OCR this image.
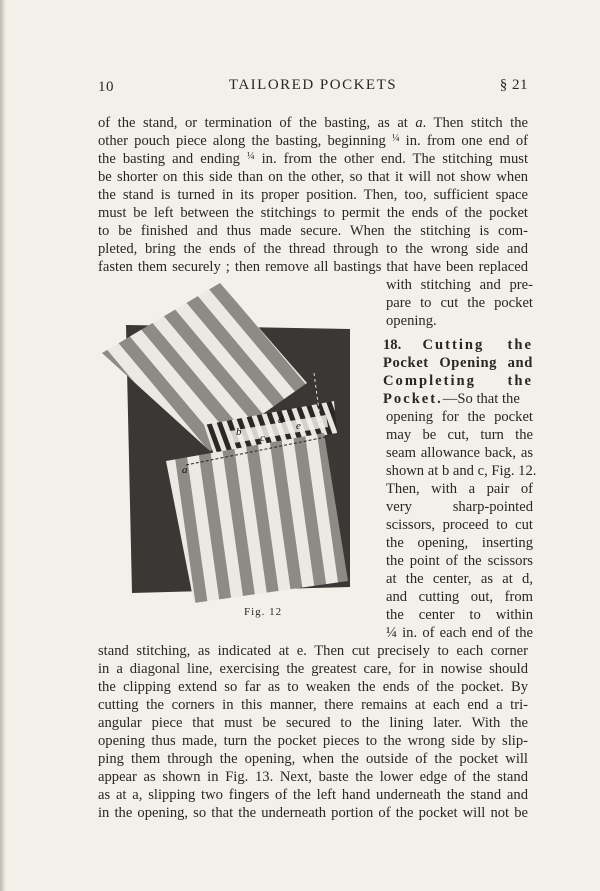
10	TAILORED POCKETS	§ 21
of the stand, or termination of the basting, as at a. Then stitch the
other pouch piece along the basting, beginning $^{\frac{1}{4}}$ in. from one end of
the basting and ending $^{\frac{1}{4}}$ in. from the other end. The stitching must
be shorter on this side than on the other, so that it will not show when
the stand is turned in its proper position. Then, too, sufficient space
must be left between the stitchings to permit the ends of the pocket
to be finished and thus made secure. When the stitching is com-
pleted, bring the ends of the thread through to the wrong side and
fasten them securely ; then remove all bastings that have been replaced
with stitching and pre-
pare to cut the pocket
opening.
18. Cutting the
Pocket Opening and
Completing the
Pocket.—So that the
opening for the pocket
may be cut, turn the
seam allowance back, as
shown at b and c, Fig. 12.
Then, with a pair of
very sharp-pointed
scissors, proceed to cut
the opening, inserting
the point of the scissors
at the center, as at d,
and cutting out, from
the center to within
¼ in. of each end of the
stand stitching, as indicated at e. Then cut precisely to each corner
in a diagonal line, exercising the greatest care, for in nowise should
the clipping extend so far as to weaken the ends of the pocket. By
cutting the corners in this manner, there remains at each end a tri-
angular piece that must be secured to the lining later. With the
opening thus made, turn the pocket pieces to the wrong side by slip-
ping them through the opening, when the outside of the pocket will
appear as shown in Fig. 13. Next, baste the lower edge of the stand
as at a, slipping two fingers of the left hand underneath the stand and
in the opening, so that the underneath portion of the pocket will not be
a
b c
d e
Fig. 12
